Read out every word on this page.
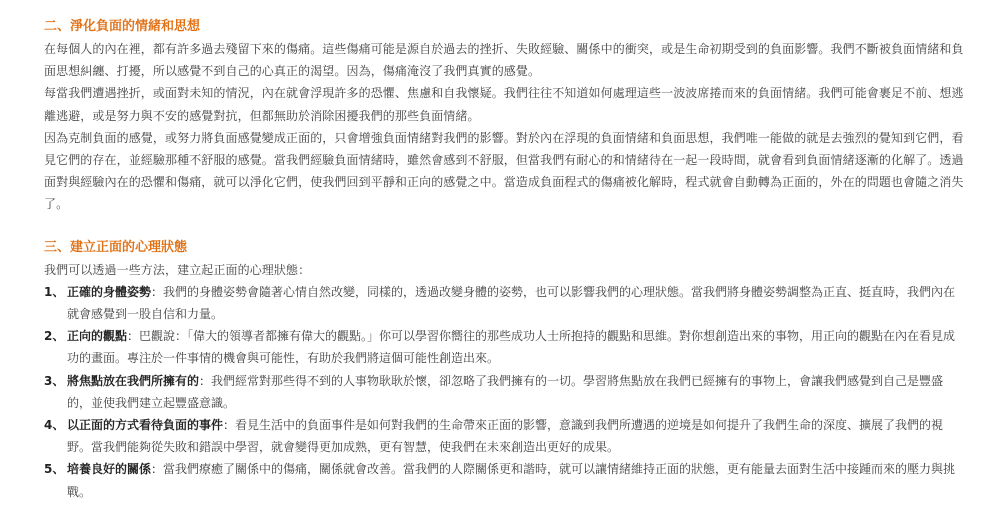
二、淨化負面的情緒和思想

在每個人的內在裡，都有許多過去殘留下來的傷痛。這些傷痛可能是源自於過去的挫折、失敗經驗、關係中的衝突，或是生命初期受到的負面影響。我們不斷被負面情緒和負面思想糾纏、打擾，所以感覺不到自己的心真正的渴望。因為，傷痛淹沒了我們真實的感覺。

每當我們遭遇挫折，或面對未知的情況，內在就會浮現許多的恐懼、焦慮和自我懷疑。我們往往不知道如何處理這些一波波席捲而來的負面情緒。我們可能會裹足不前、想逃離逃避，或是努力與不安的感覺對抗，但都無助於消除困擾我們的那些負面情緒。

因為克制負面的感覺，或努力將負面感覺變成正面的，只會增強負面情緒對我們的影響。對於內在浮現的負面情緒和負面思想，我們唯一能做的就是去強烈的覺知到它們，看見它們的存在，並經驗那種不舒服的感覺。當我們經驗負面情緒時，雖然會感到不舒服，但當我們有耐心的和情緒待在一起一段時間，就會看到負面情緒逐漸的化解了。透過面對與經驗內在的恐懼和傷痛，就可以淨化它們，使我們回到平靜和正向的感覺之中。當造成負面程式的傷痛被化解時，程式就會自動轉為正面的，外在的問題也會隨之消失了。

三、建立正面的心理狀態

我們可以透過一些方法，建立起正面的心理狀態：

1、 正確的身體姿勢：我們的身體姿勢會隨著心情自然改變，同樣的，透過改變身體的姿勢，也可以影響我們的心理狀態。當我們將身體姿勢調整為正直、挺直時，我們內在就會感覺到一股自信和力量。
2、 正向的觀點：巴觀說：「偉大的領導者都擁有偉大的觀點。」你可以學習你嚮往的那些成功人士所抱持的觀點和思維。對你想創造出來的事物，用正向的觀點在內在看見成功的畫面。專注於一件事情的機會與可能性，有助於我們將這個可能性創造出來。
3、 將焦點放在我們所擁有的：我們經常對那些得不到的人事物耿耿於懷，卻忽略了我們擁有的一切。學習將焦點放在我們已經擁有的事物上，會讓我們感覺到自己是豐盛的，並使我們建立起豐盛意識。
4、 以正面的方式看待負面的事件：看見生活中的負面事件是如何對我們的生命帶來正面的影響，意識到我們所遭遇的逆境是如何提升了我們生命的深度、擴展了我們的視野。當我們能夠從失敗和錯誤中學習，就會變得更加成熟，更有智慧，使我們在未來創造出更好的成果。
5、 培養良好的關係：當我們療癒了關係中的傷痛，關係就會改善。當我們的人際關係更和諧時，就可以讓情緒維持正面的狀態，更有能量去面對生活中接踵而來的壓力與挑戰。
